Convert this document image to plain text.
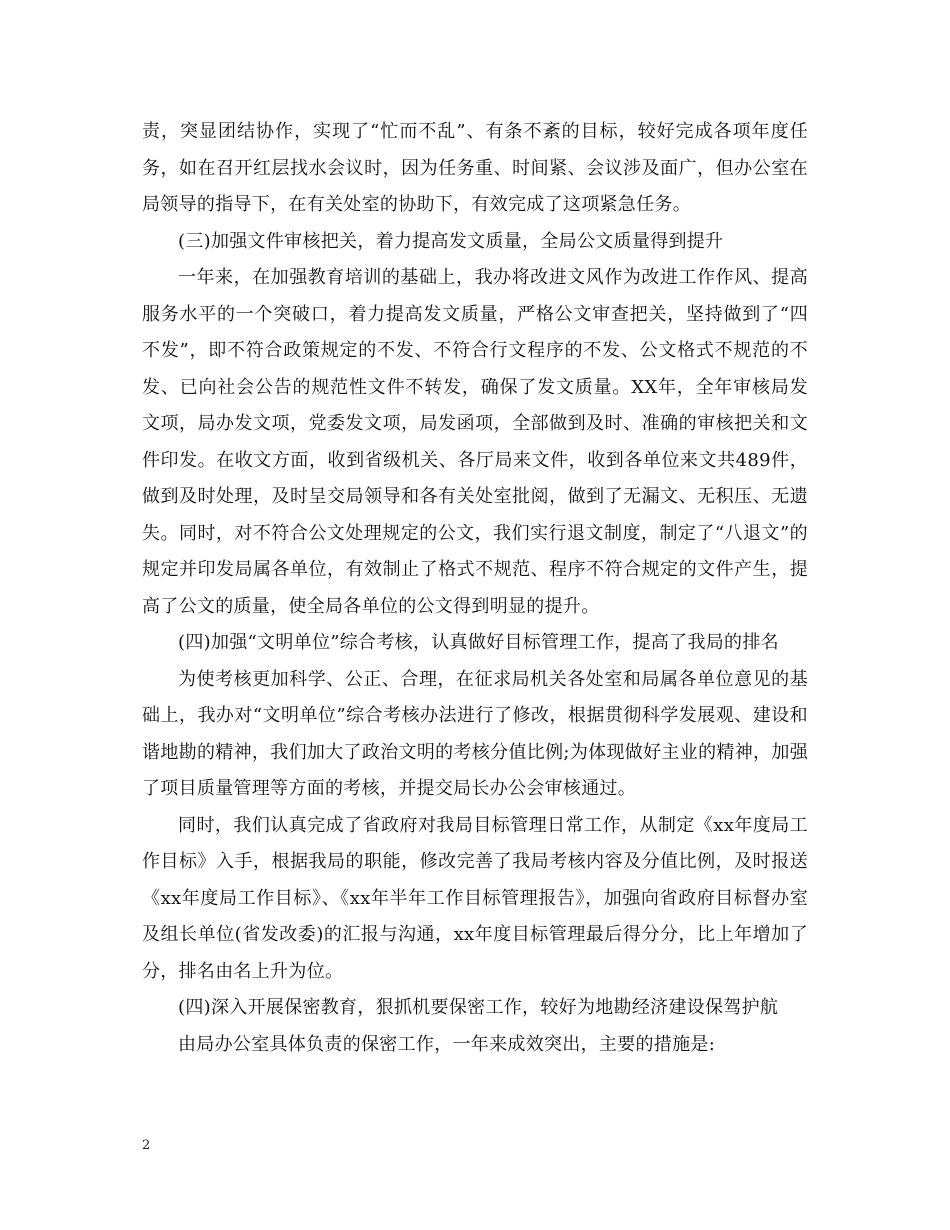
责，突显团结协作，实现了“忙而不乱”、有条不紊的目标，较好完成各项年度任务，如在召开红层找水会议时，因为任务重、时间紧、会议涉及面广，但办公室在局领导的指导下，在有关处室的协助下，有效完成了这项紧急任务。

(三)加强文件审核把关，着力提高发文质量，全局公文质量得到提升

一年来，在加强教育培训的基础上，我办将改进文风作为改进工作作风、提高服务水平的一个突破口，着力提高发文质量，严格公文审查把关，坚持做到了“四不发”，即不符合政策规定的不发、不符合行文程序的不发、公文格式不规范的不发、已向社会公告的规范性文件不转发，确保了发文质量。XX年，全年审核局发文项，局办发文项，党委发文项，局发函项，全部做到及时、准确的审核把关和文件印发。在收文方面，收到省级机关、各厅局来文件，收到各单位来文共489件，做到及时处理，及时呈交局领导和各有关处室批阅，做到了无漏文、无积压、无遗失。同时，对不符合公文处理规定的公文，我们实行退文制度，制定了“八退文”的规定并印发局属各单位，有效制止了格式不规范、程序不符合规定的文件产生，提高了公文的质量，使全局各单位的公文得到明显的提升。

(四)加强“文明单位”综合考核，认真做好目标管理工作，提高了我局的排名

为使考核更加科学、公正、合理，在征求局机关各处室和局属各单位意见的基础上，我办对“文明单位”综合考核办法进行了修改，根据贯彻科学发展观、建设和谐地勘的精神，我们加大了政治文明的考核分值比例;为体现做好主业的精神，加强了项目质量管理等方面的考核，并提交局长办公会审核通过。

同时，我们认真完成了省政府对我局目标管理日常工作，从制定《xx年度局工作目标》入手，根据我局的职能，修改完善了我局考核内容及分值比例，及时报送《xx年度局工作目标》、《xx年半年工作目标管理报告》，加强向省政府目标督办室及组长单位(省发改委)的汇报与沟通，xx年度目标管理最后得分分，比上年增加了分，排名由名上升为位。

(四)深入开展保密教育，狠抓机要保密工作，较好为地勘经济建设保驾护航

由局办公室具体负责的保密工作，一年来成效突出，主要的措施是:

2
